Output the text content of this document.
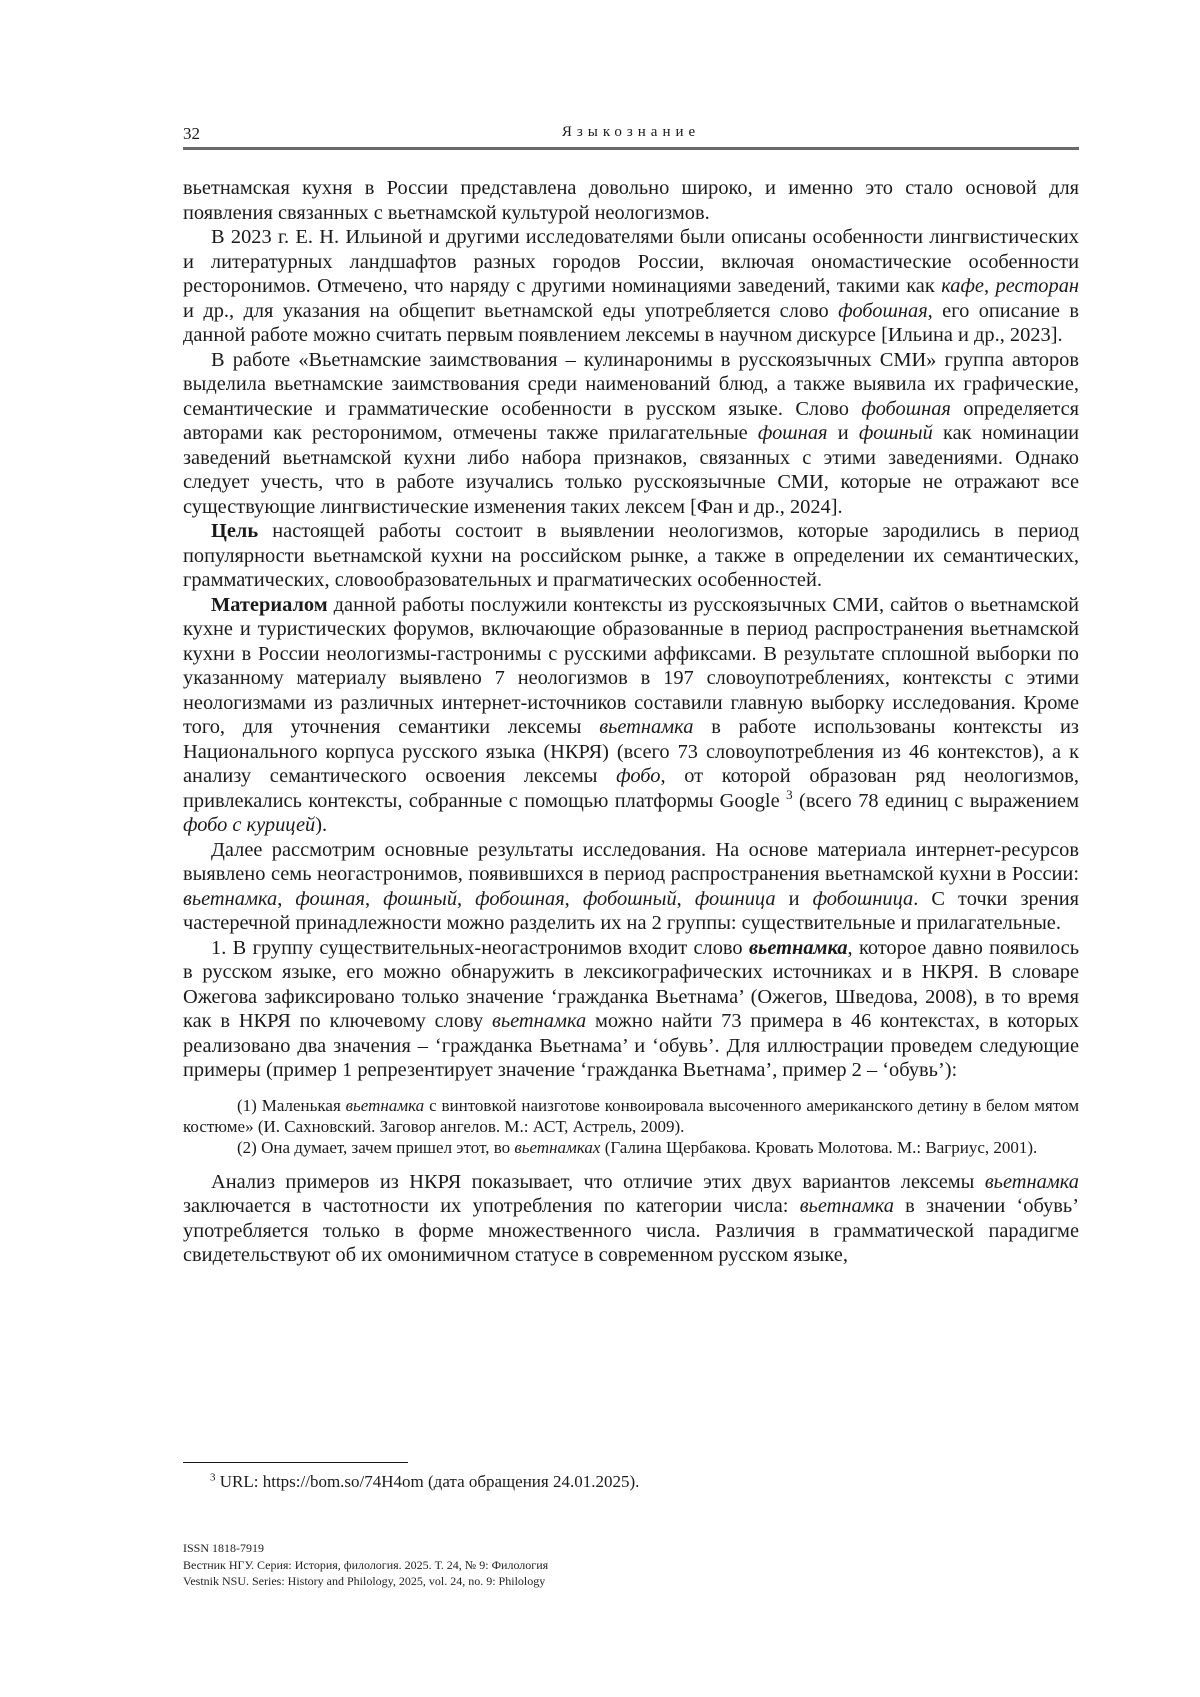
32	Языкознание

вьетнамская кухня в России представлена довольно широко, и именно это стало основой для появления связанных с вьетнамской культурой неологизмов.

В 2023 г. Е. Н. Ильиной и другими исследователями были описаны особенности лингвистических и литературных ландшафтов разных городов России, включая ономастические особенности ресторонимов. Отмечено, что наряду с другими номинациями заведений, такими как кафе, ресторан и др., для указания на общепит вьетнамской еды употребляется слово фобошная, его описание в данной работе можно считать первым появлением лексемы в научном дискурсе [Ильина и др., 2023].

В работе «Вьетнамские заимствования – кулинаронимы в русскоязычных СМИ» группа авторов выделила вьетнамские заимствования среди наименований блюд, а также выявила их графические, семантические и грамматические особенности в русском языке. Слово фобошная определяется авторами как ресторонимом, отмечены также прилагательные фошная и фошный как номинации заведений вьетнамской кухни либо набора признаков, связанных с этими заведениями. Однако следует учесть, что в работе изучались только русскоязычные СМИ, которые не отражают все существующие лингвистические изменения таких лексем [Фан и др., 2024].

Цель настоящей работы состоит в выявлении неологизмов, которые зародились в период популярности вьетнамской кухни на российском рынке, а также в определении их семантических, грамматических, словообразовательных и прагматических особенностей.

Материалом данной работы послужили контексты из русскоязычных СМИ, сайтов о вьетнамской кухне и туристических форумов, включающие образованные в период распространения вьетнамской кухни в России неологизмы-гастронимы с русскими аффиксами. В результате сплошной выборки по указанному материалу выявлено 7 неологизмов в 197 словоупотреблениях, контексты с этими неологизмами из различных интернет-источников составили главную выборку исследования. Кроме того, для уточнения семантики лексемы вьетнамка в работе использованы контексты из Национального корпуса русского языка (НКРЯ) (всего 73 словоупотребления из 46 контекстов), а к анализу семантического освоения лексемы фобо, от которой образован ряд неологизмов, привлекались контексты, собранные с помощью платформы Google $^3$ (всего 78 единиц с выражением фобо с курицей).

Далее рассмотрим основные результаты исследования. На основе материала интернет-ресурсов выявлено семь неогастронимов, появившихся в период распространения вьетнамской кухни в России: вьетнамка, фошная, фошный, фобошная, фобошный, фошница и фобошница. С точки зрения частеречной принадлежности можно разделить их на 2 группы: существительные и прилагательные.

1. В группу существительных-неогастронимов входит слово вьетнамка, которое давно появилось в русском языке, его можно обнаружить в лексикографических источниках и в НКРЯ. В словаре Ожегова зафиксировано только значение ‘гражданка Вьетнама’ (Ожегов, Шведова, 2008), в то время как в НКРЯ по ключевому слову вьетнамка можно найти 73 примера в 46 контекстах, в которых реализовано два значения – ‘гражданка Вьетнама’ и ‘обувь’. Для иллюстрации проведем следующие примеры (пример 1 репрезентирует значение ‘гражданка Вьетнама’, пример 2 – ‘обувь’):

(1) Маленькая вьетнамка с винтовкой наизготове конвоировала высоченного американского детину в белом мятом костюме» (И. Сахновский. Заговор ангелов. М.: АСТ, Астрель, 2009).

(2) Она думает, зачем пришел этот, во вьетнамках (Галина Щербакова. Кровать Молотова. М.: Вагриус, 2001).

Анализ примеров из НКРЯ показывает, что отличие этих двух вариантов лексемы вьетнамка заключается в частотности их употребления по категории числа: вьетнамка в значении ‘обувь’ употребляется только в форме множественного числа. Различия в грамматической парадигме свидетельствуют об их омонимичном статусе в современном русском языке,

$^3$ URL: https://bom.so/74H4om (дата обращения 24.01.2025).
ISSN 1818-7919
Вестник НГУ. Серия: История, филология. 2025. Т. 24, № 9: Филология
Vestnik NSU. Series: History and Philology, 2025, vol. 24, no. 9: Philology
